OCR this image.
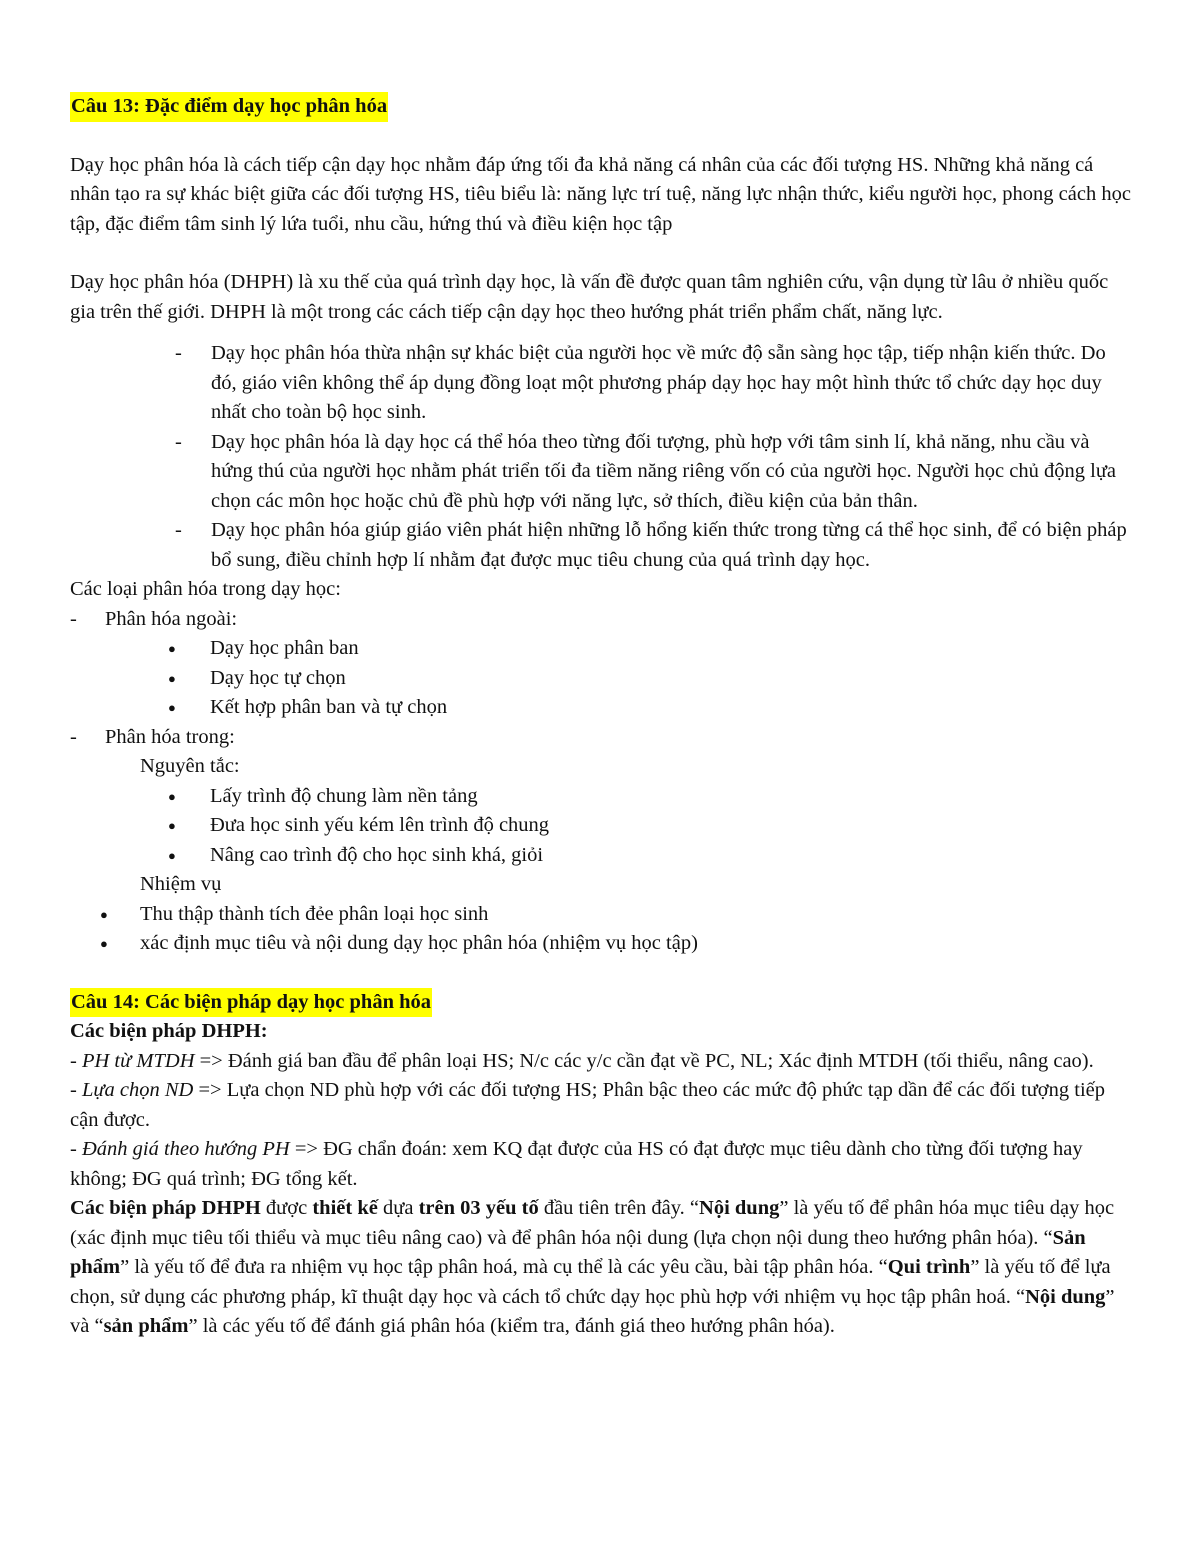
Câu 13: Đặc điểm dạy học phân hóa

Dạy học phân hóa là cách tiếp cận dạy học nhằm đáp ứng tối đa khả năng cá nhân của các đối tượng HS. Những khả năng cá nhân tạo ra sự khác biệt giữa các đối tượng HS, tiêu biểu là: năng lực trí tuệ, năng lực nhận thức, kiểu người học, phong cách học tập, đặc điểm tâm sinh lý lứa tuổi, nhu cầu, hứng thú và điều kiện học tập

Dạy học phân hóa (DHPH) là xu thế của quá trình dạy học, là vấn đề được quan tâm nghiên cứu, vận dụng từ lâu ở nhiều quốc gia trên thế giới. DHPH là một trong các cách tiếp cận dạy học theo hướng phát triển phẩm chất, năng lực.

-	Dạy học phân hóa thừa nhận sự khác biệt của người học về mức độ sẵn sàng học tập, tiếp nhận kiến thức. Do đó, giáo viên không thể áp dụng đồng loạt một phương pháp dạy học hay một hình thức tổ chức dạy học duy nhất cho toàn bộ học sinh.
-	Dạy học phân hóa là dạy học cá thể hóa theo từng đối tượng, phù hợp với tâm sinh lí, khả năng, nhu cầu và hứng thú của người học nhằm phát triển tối đa tiềm năng riêng vốn có của người học. Người học chủ động lựa chọn các môn học hoặc chủ đề phù hợp với năng lực, sở thích, điều kiện của bản thân.
-	Dạy học phân hóa giúp giáo viên phát hiện những lỗ hổng kiến thức trong từng cá thể học sinh, để có biện pháp bổ sung, điều chỉnh hợp lí nhằm đạt được mục tiêu chung của quá trình dạy học.

Các loại phân hóa trong dạy học:

-	Phân hóa ngoài:
●	Dạy học phân ban
●	Dạy học tự chọn
●	Kết hợp phân ban và tự chọn
-	Phân hóa trong:

Nguyên tắc:

●	Lấy trình độ chung làm nền tảng
●	Đưa học sinh yếu kém lên trình độ chung
●	Nâng cao trình độ cho học sinh khá, giỏi

Nhiệm vụ

●	Thu thập thành tích đẻe phân loại học sinh
●	xác định mục tiêu và nội dung dạy học phân hóa (nhiệm vụ học tập)
Câu 14: Các biện pháp dạy học phân hóa

Các biện pháp DHPH:

- PH từ MTDH => Đánh giá ban đầu để phân loại HS; N/c các y/c cần đạt về PC, NL; Xác định MTDH (tối thiểu, nâng cao).

- Lựa chọn ND => Lựa chọn ND phù hợp với các đối tượng HS; Phân bậc theo các mức độ phức tạp dần để các đối tượng tiếp cận được.

- Đánh giá theo hướng PH => ĐG chẩn đoán: xem KQ đạt được của HS có đạt được mục tiêu dành cho từng đối tượng hay không; ĐG quá trình; ĐG tổng kết.

Các biện pháp DHPH được thiết kế dựa trên 03 yếu tố đầu tiên trên đây. “Nội dung” là yếu tố để phân hóa mục tiêu dạy học (xác định mục tiêu tối thiểu và mục tiêu nâng cao) và để phân hóa nội dung (lựa chọn nội dung theo hướng phân hóa). “Sản phẩm” là yếu tố để đưa ra nhiệm vụ học tập phân hoá, mà cụ thể là các yêu cầu, bài tập phân hóa. “Qui trình” là yếu tố để lựa chọn, sử dụng các phương pháp, kĩ thuật dạy học và cách tổ chức dạy học phù hợp với nhiệm vụ học tập phân hoá. “Nội dung” và “sản phẩm” là các yếu tố để đánh giá phân hóa (kiểm tra, đánh giá theo hướng phân hóa).
